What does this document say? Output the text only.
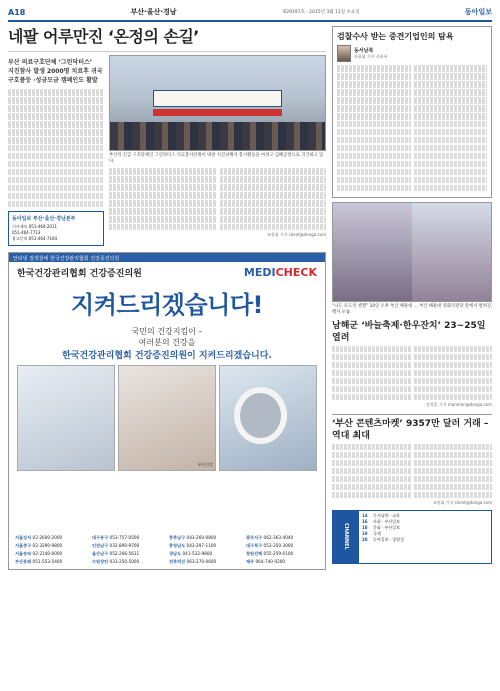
A18	부산·울산·경남	제29197호 · 2015년 3월 11일 수요일	동아일보
네팔 어루만진 ‘온정의 손길’
부산 의료구호단체 ‘그린닥터스’
지진참사 발생 2000명 치료후 귀국
구호품등 ·성금모금 캠페인도 활발
동아일보 부산·울산·경남본부
기사제보 051-464-2011
051-464-7713
광고문의 051-464-7164
부산의 긴급 구호단체인 그린닥터스 의료봉사단원이 네팔 지진피해자 봉사활동을 마치고 김해공항으로 귀국하고 있다.
조용휘 기자 silent@donga.com
안티넷 검색창에 한국건강관리협회 건강증진의원
한국건강관리협회 건강증진의원	MEDICHECK
지켜드리겠습니다!
국민의 건강지킴이 –
여러분의 건강을
한국건강관리협회 건강증진의원이 지켜드리겠습니다.
부산건강
서울강서 02-2600-2000	대구동구 053-757-0500	충북남구 043-260-0800	광주서구 062-363-4040
서울중구 02-3290-9800	인천남구 032-890-9700	충청남도 043-297-1100	대구북구 053-350-3000
서울송파 02-2140-6000	울산남구 052-266-5611	경남도 041-532-9800	창원진해 055-259-0100
부산동래 051-553-5400	수원장안 031-250-5000	전북덕진 063-270-0600	제주 064-740-0200
검찰수사 받는 중견기업인의 탐욕
동서남북
조용휘 기자 사회부
“나도 모도의 엔젤” 10일 오후 부산 해운대 ... 부산 해운대 영화의전당 앞에서 펼쳐진 행사 모습.
남해군 ‘바늘축제·한우잔치’ 23~25일 열려
강정훈 기자 manman@donga.com
‘부산 콘텐츠마켓’ 9357만 달러 거래 – 역대 최대
조용휘 기자 silent@donga.com
CHANNEL
14	동서남북 · 교육
16	사회 · 부산일보
18	문화 · 부산일보
19	국제
20	동아일보 · 창원성
